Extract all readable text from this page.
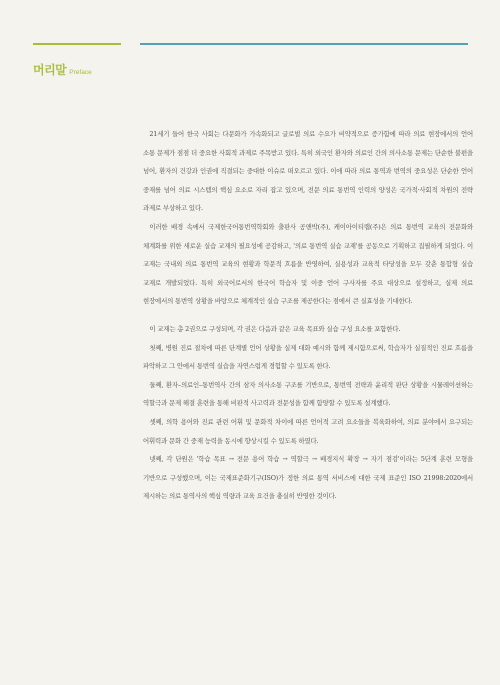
머리말 Preface

21세기 들어 한국 사회는 다문화가 가속화되고 글로벌 의료 수요가 비약적으로 증가함에 따라 의료 현장에서의 언어 소통 문제가 점점 더 중요한 사회적 과제로 주목받고 있다. 특히 외국인 환자와 의료인 간의 의사소통 문제는 단순한 불편을 넘어, 환자의 건강과 인권에 직결되는 중대한 이슈로 떠오르고 있다. 이에 따라 의료 통역과 번역의 중요성은 단순한 언어 중재를 넘어 의료 시스템의 핵심 요소로 자리 잡고 있으며, 전문 의료 통번역 인력의 양성은 국가적·사회적 차원의 전략 과제로 부상하고 있다.

이러한 배경 속에서 국제한국어통번역학회와 출판사 공앤박(주), 케이아이티랩(주)은 의료 통번역 교육의 전문화와 체계화를 위한 새로운 실습 교재의 필요성에 공감하고, '의료 통번역 실습 교재'를 공동으로 기획하고 집필하게 되었다. 이 교재는 국내외 의료 통번역 교육의 현황과 학문적 흐름을 반영하여, 실용성과 교육적 타당성을 모두 갖춘 통합형 실습 교재로 개발되었다. 특히 외국어로서의 한국어 학습자 및 이중 언어 구사자를 주요 대상으로 설정하고, 실제 의료 현장에서의 통번역 상황을 바탕으로 체계적인 실습 구조를 제공한다는 점에서 큰 실효성을 기대한다.

이 교재는 총 2권으로 구성되며, 각 권은 다음과 같은 교육 목표와 실습 구성 요소를 포함한다.

첫째, 병원 진료 절차에 따른 단계별 언어 상황을 실제 대화 예시와 함께 제시함으로써, 학습자가 실질적인 진료 흐름을 파악하고 그 안에서 통번역 실습을 자연스럽게 경험할 수 있도록 한다.

둘째, 환자–의료인–통번역사 간의 삼자 의사소통 구조를 기반으로, 통번역 전략과 윤리적 판단 상황을 시뮬레이션하는 역할극과 문제 해결 훈련을 통해 비판적 사고력과 전문성을 함께 함양할 수 있도록 설계했다.

셋째, 의학 용어와 진료 관련 어휘 및 문화적 차이에 따른 언어적 고려 요소들을 복육화하여, 의료 분야에서 요구되는 어휘력과 문화 간 중재 능력을 동시에 향상시킬 수 있도록 하였다.

넷째, 각 단원은 '학습 목표 → 전문 용어 학습 → 역할극 → 배경지식 확장 → 자기 점검'이라는 5단계 훈련 모형을 기반으로 구성했으며, 이는 국제표준화기구(ISO)가 정한 의료 통역 서비스에 대한 국제 표준인 ISO 21998:2020에서 제시하는 의료 통역사의 핵심 역량과 교육 요건을 충실히 반영한 것이다.
